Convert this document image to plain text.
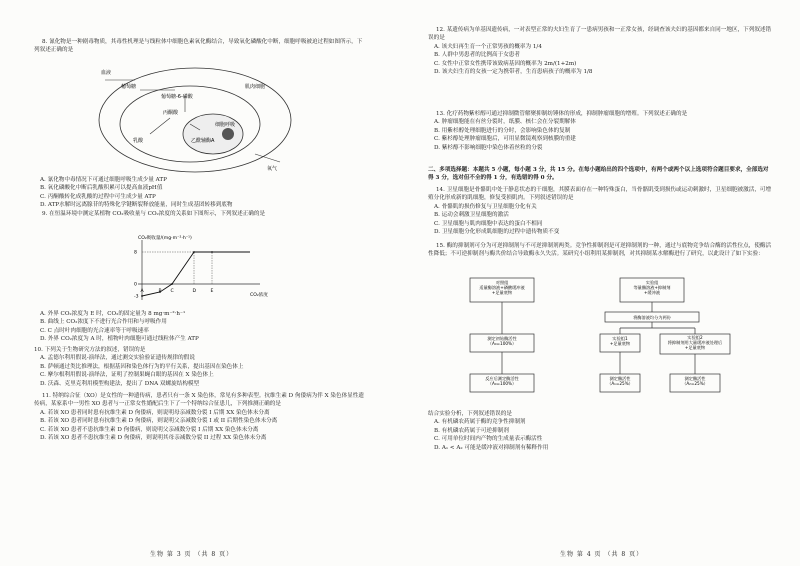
8. 氰化物是一种剧毒物质，其毒性机理是与线粒体中细胞色素氧化酶结合，导致氧化磷酸化中断，细胞呼吸被迫过程如图所示，下列叙述正确的是

血液
葡萄糖
葡萄糖-6-磷酸
丙酮酸
乳酸
肌肉细胞
乙酰辅酶A
细胞呼吸
氧气

A. 氰化物中毒情况下可通过细胞呼吸生成少量 ATP

B. 氧化磷酸化中断后乳酸积累可以提高血液pH值

C. 丙酮酸转化成乳酸的过程中可生成少量 ATP

D. ATP水解时远离腺苷的特殊化学键断裂释放能量，同时生成基团转移到底物

9. 在恒温环境中测定某植物 CO₂吸收量与 CO₂浓度的关系如下图所示，下列叙述正确的是

CO₂吸收量/(mg·m⁻²·h⁻¹)
CO₂浓度
8
0
-3
A	C	D	E

A. 外界 CO₂浓度为 E 时，CO₂的固定量为 8 mg·m⁻²·h⁻¹

B. 曲线上 CO₂浓度下不进行光合作用和与呼吸作用

C. C 点时叶肉细胞的光合速率等于呼吸速率

D. 外界 CO₂浓度为 A 时，植物叶肉细胞可通过线粒体产生 ATP

10. 下列关于生物研究方法的叙述，错误的是

A. 孟德尔利用假说-演绎法，通过测交实验验证遗传规律的假说

B. 萨顿通过类比推理法，根据基因和染色体行为的平行关系，提出基因在染色体上

C. 摩尔根利用假说-演绎法，证明了控制果蝇白眼的基因在 X 染色体上

D. 沃森、克里克利用模型构建法，提出了 DNA 双螺旋结构模型

11. 特纳综合征（XO）是女性的一种遗传病，患者只有一条 X 染色体，常见有多种表型。抗维生素 D 佝偻病为伴 X 染色体显性遗传病，某家系中一男性 XO 患者与一正常女性婚配后生下了一个特纳综合征患儿，下列推测正确的是

A. 若该 XO 患者同时患有抗维生素 D 佝偻病，则说明母亲减数分裂 I 后期 XX 染色体未分离

B. 若该 XO 患者同时患有抗维生素 D 佝偻病，则说明父亲减数分裂 I 或 II 后期性染色体未分离

C. 若该 XO 患者不患抗维生素 D 佝偻病，则说明父亲减数分裂 I 后期 XX 染色体未分离

D. 若该 XO 患者不患抗维生素 D 佝偻病，则说明其母亲减数分裂 II 过程 XX 染色体未分离

生物 第 3 页 （共 8 页）

12. 某遗传病为单基因遗传病，一对表型正常的夫妇生育了一患病男孩和一正常女孩，经调查该夫妇的基因都来自同一地区，下列叙述错误的是

A. 该夫妇再生育一个正常男孩的概率为 1/4

B. 人群中男患者的比例高于女患者

C. 女性中正常女性携带该致病基因的概率为 2m/(1+2m)

D. 该夫妇生育的女孩一定为携带者，生育患病孩子的概率为 1/8

13. 化疗药物紫杉醇可通过抑制微管解聚抑制纺锤体的形成，抑制肿瘤细胞的增殖。下列叙述正确的是

A. 肿瘤细胞能在有丝分裂时，纸膜、核仁会在分裂期解体

B. 用紫杉醇处理细胞进行的分时，会影响染色体的复制

C. 紫杉醇处理肿瘤细胞后，可用显微镜观察到核膜的重建

D. 紫杉醇不影响细胞中染色体着丝粒的分裂

二、多项选择题：本题共 5 小题，每小题 3 分，共 15 分。在每小题给出的四个选项中，有两个或两个以上选项符合题目要求，全部选对得 3 分，选对但不全的得 1 分，有选错的得 0 分。

14. 卫星细胞是骨骼肌中处于静息状态的干细胞，其膜表面存在一种特殊蛋白，当骨骼肌受到损伤或运动刺激时，卫星细胞被激活，可增殖分化形成新的肌细胞，修复受损肌肉。下列叙述错误的是

A. 骨骼肌的损伤修复与卫星细胞分化有关

B. 运动会刺激卫星细胞的激活

C. 卫星细胞与肌肉细胞中表达的蛋白不相同

D. 卫星细胞分化形成肌细胞的过程中遗传物质不变

15. 酶的抑制剂可分为可逆抑制剂与不可逆抑制剂两类。竞争性抑制剂是可逆抑制剂的一种，通过与底物竞争结合酶的活性位点，使酶活性降低；不可逆抑制剂与酶共价结合导致酶永久失活。某研究小组利用某抑制剂，对其抑制某水解酶进行了研究，以此设计了如下实验：

对照组适量酶溶液+磷酸缓冲液+足量底物
实验组等量酶溶液+抑制剂+缓冲液
将酶溶液均分为两份
测定初始酶活性（A₀=100%）
实验组1 +足量底物
实验组2 将抑制剂用大量缓冲液处理后+足量底物
反应后测定酶活性（A₀=100%）
测定酶活性（A₁=25%）
测定酶活性（A₂=25%）

结合实验分析，下列叙述错误的是

A. 有机磷农药属于酶的竞争性抑制剂

B. 有机磷农药属于可逆抑制剂

C. 可用单位时间内产物的生成量表示酶活性

D. A₁ < A₂ 可能是缓冲液对抑制剂有稀释作用

生物 第 4 页 （共 8 页）
